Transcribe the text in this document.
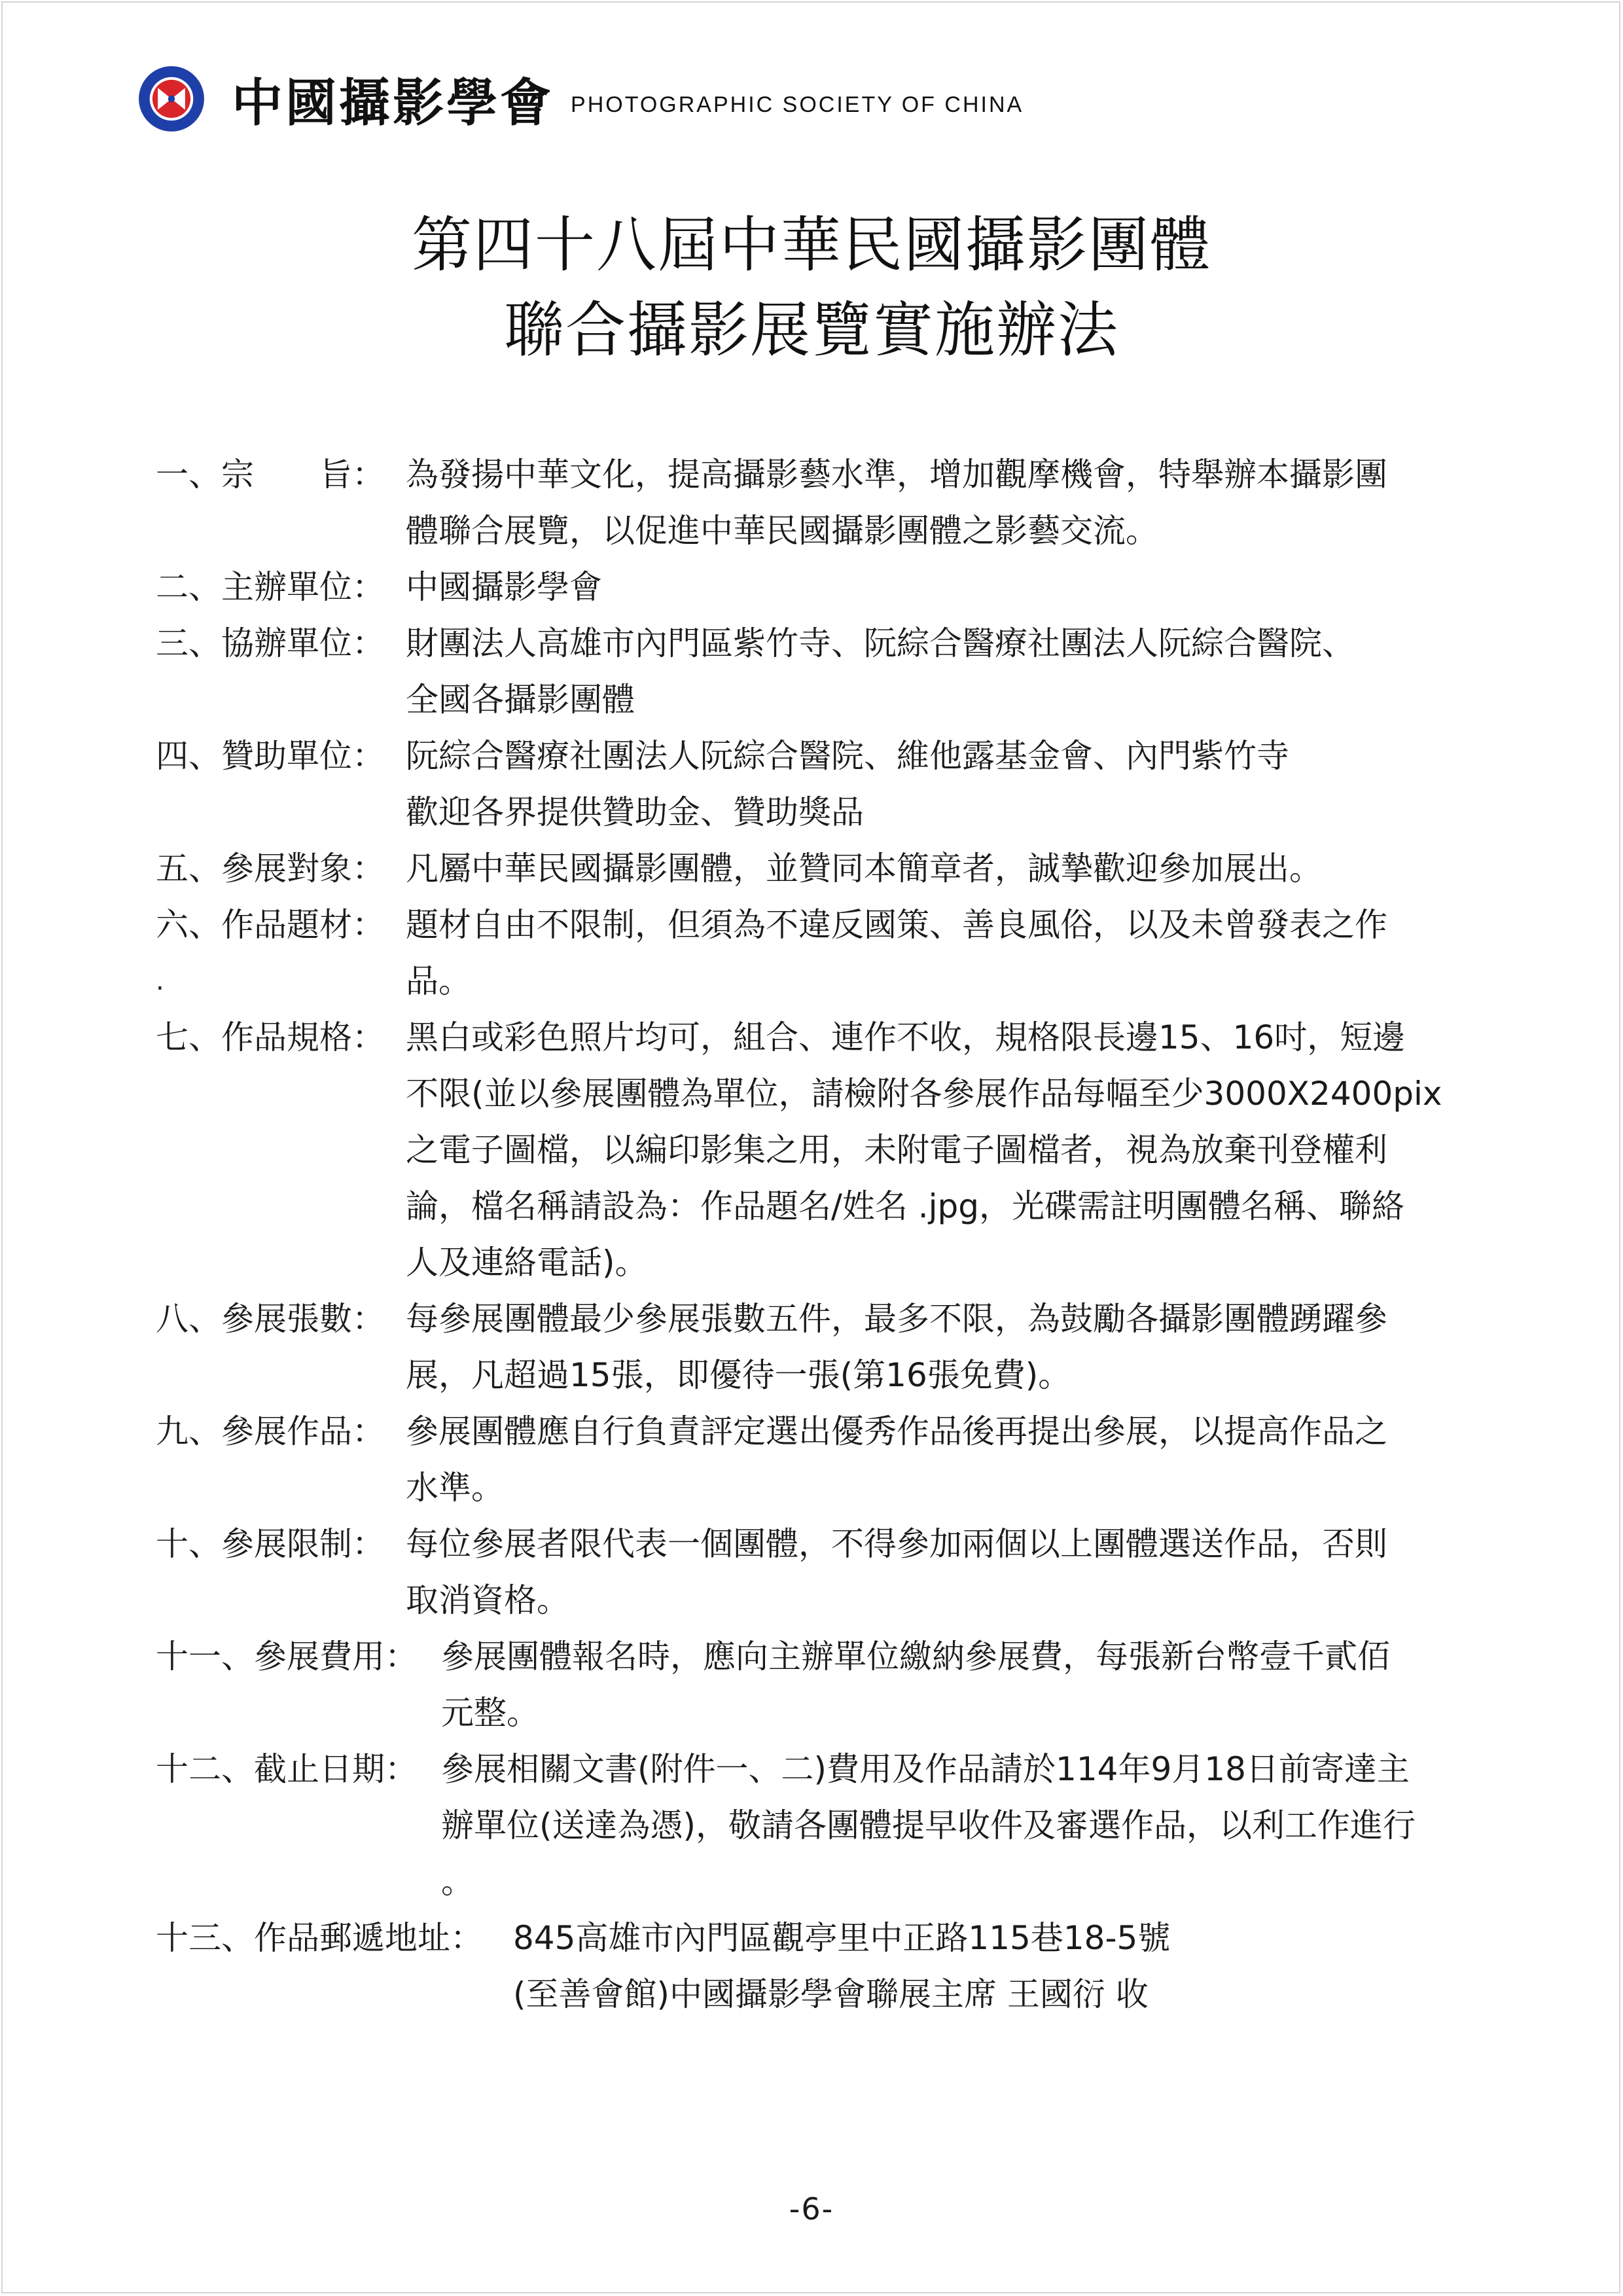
中國攝影學會 PHOTOGRAPHIC SOCIETY OF CHINA
第四十八屆中華民國攝影團體
聯合攝影展覽實施辦法
一、宗　　旨： 為發揚中華文化，提高攝影藝水準，增加觀摩機會，特舉辦本攝影團
體聯合展覽，以促進中華民國攝影團體之影藝交流。
二、主辦單位： 中國攝影學會
三、協辦單位： 財團法人高雄市內門區紫竹寺、阮綜合醫療社團法人阮綜合醫院、
全國各攝影團體
四、贊助單位： 阮綜合醫療社團法人阮綜合醫院、維他露基金會、內門紫竹寺
歡迎各界提供贊助金、贊助獎品
五、參展對象： 凡屬中華民國攝影團體，並贊同本簡章者，誠摯歡迎參加展出。
六、作品題材： 題材自由不限制，但須為不違反國策、善良風俗，以及未曾發表之作
品。
.
七、作品規格： 黑白或彩色照片均可，組合、連作不收，規格限長邊15、16吋，短邊
不限(並以參展團體為單位，請檢附各參展作品每幅至少3000X2400pix
之電子圖檔，以編印影集之用，未附電子圖檔者，視為放棄刊登權利
論，檔名稱請設為：作品題名/姓名 .jpg，光碟需註明團體名稱、聯絡
人及連絡電話)。
八、參展張數： 每參展團體最少參展張數五件，最多不限，為鼓勵各攝影團體踴躍參
展，凡超過15張，即優待一張(第16張免費)。
九、參展作品： 參展團體應自行負責評定選出優秀作品後再提出參展，以提高作品之
水準。
十、參展限制： 每位參展者限代表一個團體，不得參加兩個以上團體選送作品，否則
取消資格。
十一、參展費用： 參展團體報名時，應向主辦單位繳納參展費，每張新台幣壹千貳佰
元整。
十二、截止日期： 參展相關文書(附件一、二)費用及作品請於114年9月18日前寄達主
辦單位(送達為憑)，敬請各團體提早收件及審選作品，以利工作進行
。
十三、作品郵遞地址： 845高雄市內門區觀亭里中正路115巷18-5號
(至善會館)中國攝影學會聯展主席 王國衍 收
-6-
